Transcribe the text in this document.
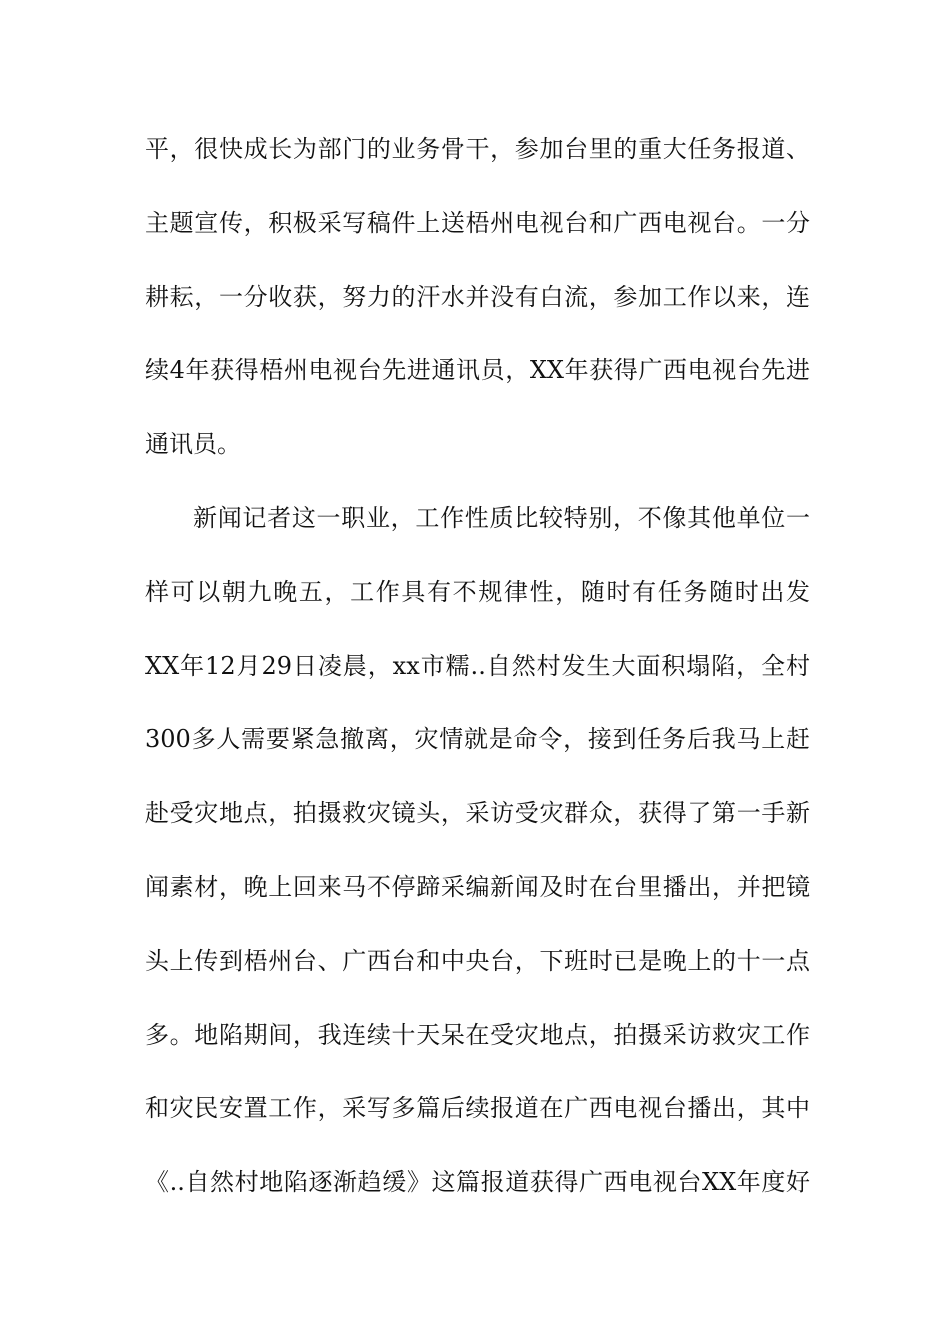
平，很快成长为部门的业务骨干，参加台里的重大任务报道、
主题宣传，积极采写稿件上送梧州电视台和广西电视台。一分
耕耘，一分收获，努力的汗水并没有白流，参加工作以来，连
续4年获得梧州电视台先进通讯员，XX年获得广西电视台先进
通讯员。
新闻记者这一职业，工作性质比较特别，不像其他单位一
样可以朝九晚五，工作具有不规律性，随时有任务随时出发
XX年12月29日凌晨，xx市糯..自然村发生大面积塌陷，全村
300多人需要紧急撤离，灾情就是命令，接到任务后我马上赶
赴受灾地点，拍摄救灾镜头，采访受灾群众，获得了第一手新
闻素材，晚上回来马不停蹄采编新闻及时在台里播出，并把镜
头上传到梧州台、广西台和中央台，下班时已是晚上的十一点
多。地陷期间，我连续十天呆在受灾地点，拍摄采访救灾工作
和灾民安置工作，采写多篇后续报道在广西电视台播出，其中
《..自然村地陷逐渐趋缓》这篇报道获得广西电视台XX年度好
